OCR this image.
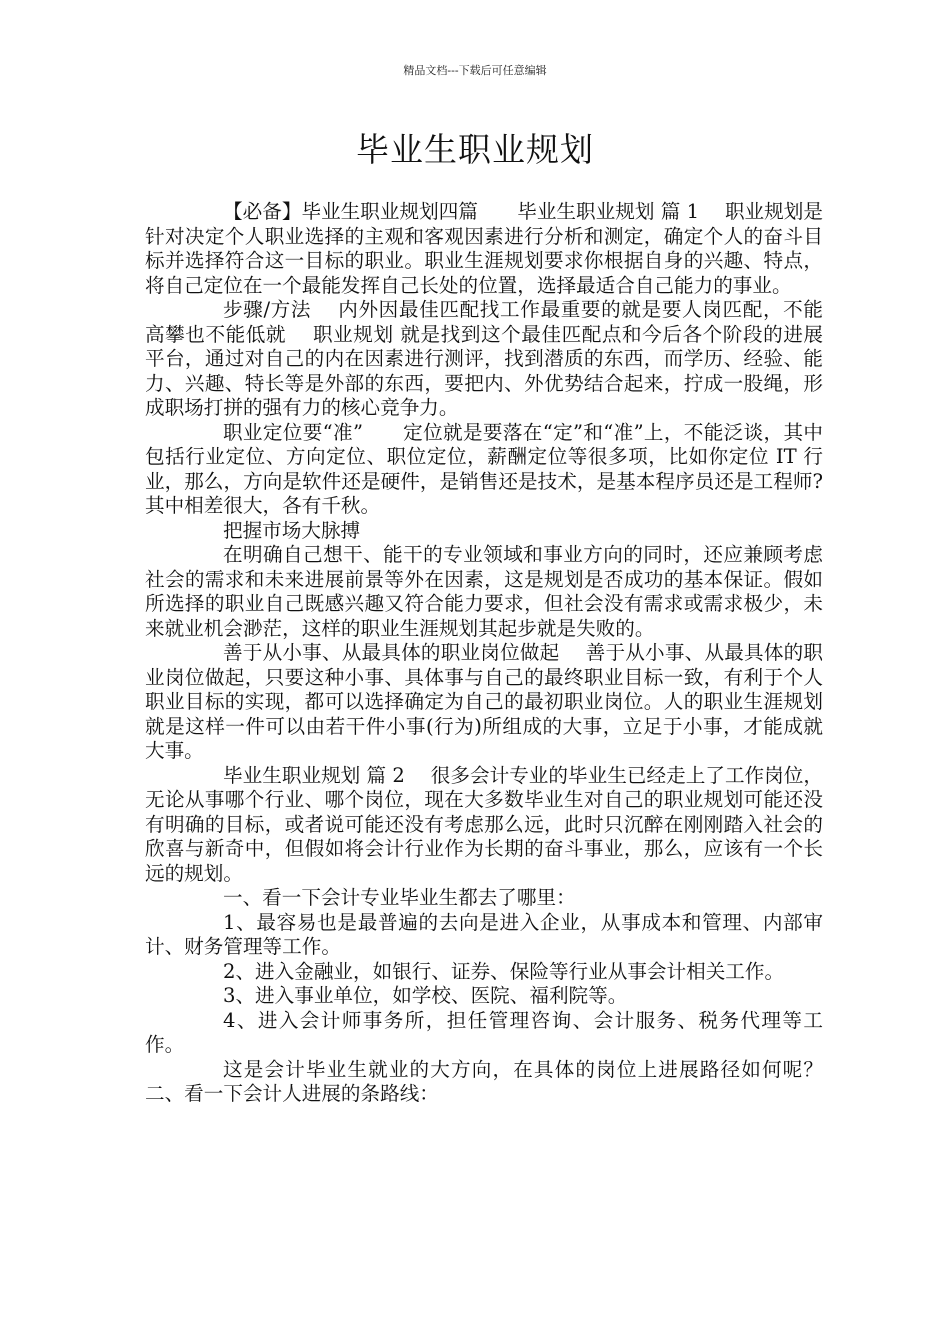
精品文档---下载后可任意编辑
毕业生职业规划

【必备】毕业生职业规划四篇　　毕业生职业规划 篇 1 　职业规划是针对决定个人职业选择的主观和客观因素进行分析和测定，确定个人的奋斗目标并选择符合这一目标的职业。职业生涯规划要求你根据自身的兴趣、特点，将自己定位在一个最能发挥自己长处的位置，选择最适合自己能力的事业。

步骤/方法　 内外因最佳匹配找工作最重要的就是要人岗匹配，不能高攀也不能低就　 职业规划 就是找到这个最佳匹配点和今后各个阶段的进展平台，通过对自己的内在因素进行测评，找到潜质的东西，而学历、经验、能力、兴趣、特长等是外部的东西，要把内、外优势结合起来，拧成一股绳，形成职场打拼的强有力的核心竞争力。

职业定位要“准”　　定位就是要落在“定”和“准”上，不能泛谈，其中包括行业定位、方向定位、职位定位，薪酬定位等很多项，比如你定位 IT 行业，那么，方向是软件还是硬件，是销售还是技术，是基本程序员还是工程师?其中相差很大，各有千秋。

把握市场大脉搏

在明确自己想干、能干的专业领域和事业方向的同时，还应兼顾考虑社会的需求和未来进展前景等外在因素，这是规划是否成功的基本保证。假如所选择的职业自己既感兴趣又符合能力要求，但社会没有需求或需求极少，未来就业机会渺茫，这样的职业生涯规划其起步就是失败的。

善于从小事、从最具体的职业岗位做起　 善于从小事、从最具体的职业岗位做起，只要这种小事、具体事与自己的最终职业目标一致，有利于个人职业目标的实现，都可以选择确定为自己的最初职业岗位。人的职业生涯规划就是这样一件可以由若干件小事(行为)所组成的大事，立足于小事，才能成就大事。

毕业生职业规划 篇 2 　很多会计专业的毕业生已经走上了工作岗位，无论从事哪个行业、哪个岗位，现在大多数毕业生对自己的职业规划可能还没有明确的目标，或者说可能还没有考虑那么远，此时只沉醉在刚刚踏入社会的欣喜与新奇中，但假如将会计行业作为长期的奋斗事业，那么，应该有一个长远的规划。

一、看一下会计专业毕业生都去了哪里：

1、最容易也是最普遍的去向是进入企业，从事成本和管理、内部审计、财务管理等工作。

2、进入金融业，如银行、证券、保险等行业从事会计相关工作。

3、进入事业单位，如学校、医院、福利院等。

4、进入会计师事务所，担任管理咨询、会计服务、税务代理等工作。

这是会计毕业生就业的大方向，在具体的岗位上进展路径如何呢？　 二、看一下会计人进展的条路线：
